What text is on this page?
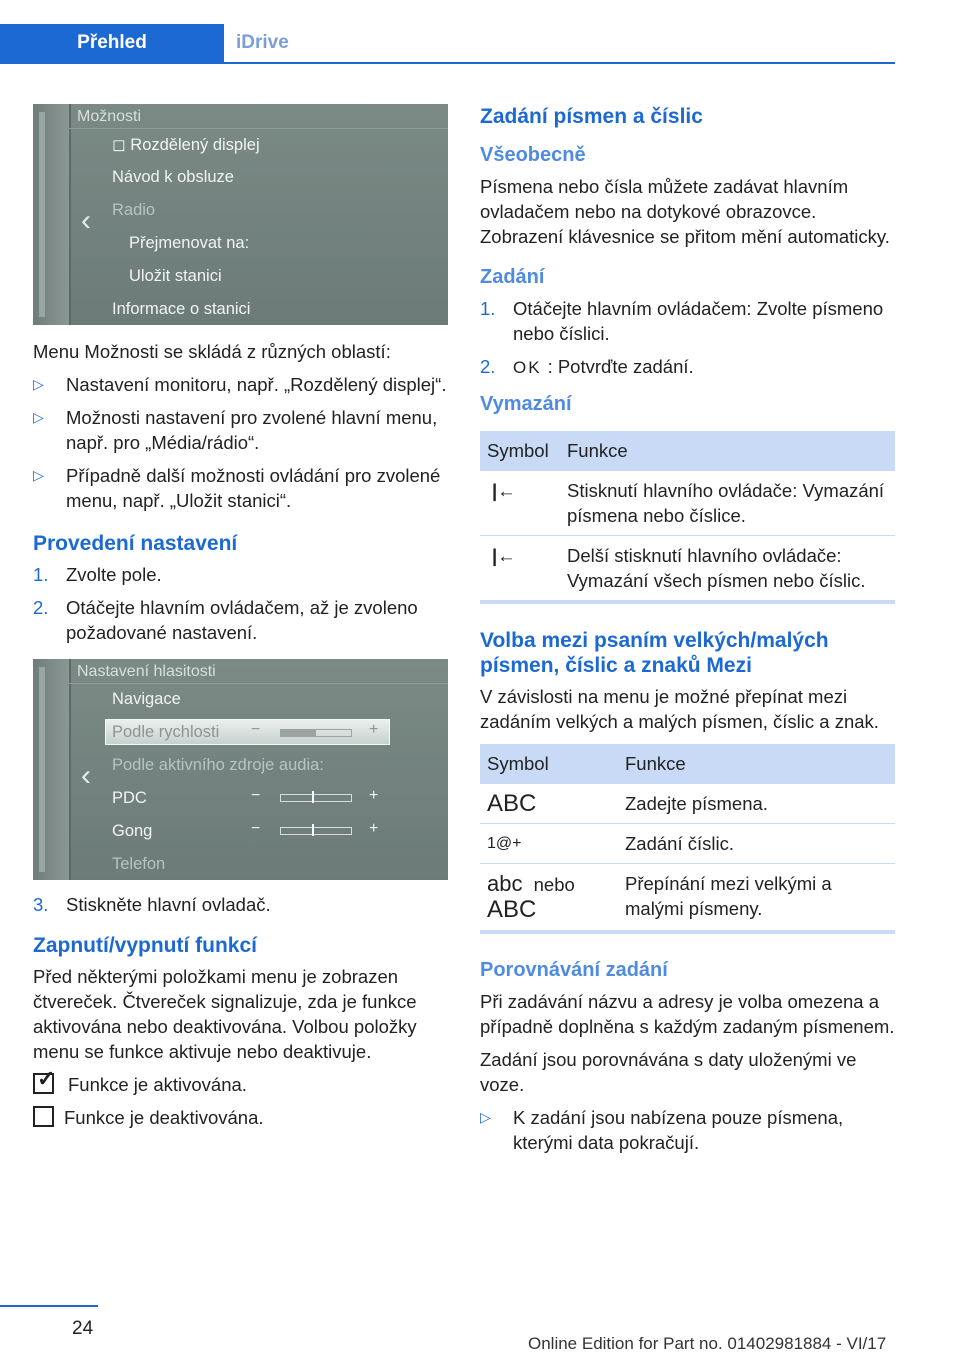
Přehled	iDrive
Možnosti
‹
◻ Rozdělený displej
Návod k obsluze
Radio
Přejmenovat na:
Uložit stanici
Informace o stanici

Menu Možnosti se skládá z různých oblastí:

▷ Nastavení monitoru, např. „Rozdělený displej“.
▷ Možnosti nastavení pro zvolené hlavní menu, např. pro „Média/rádio“.
▷ Případně další možnosti ovládání pro zvolené menu, např. „Uložit stanici“.
Provedení nastavení
1. Zvolte pole.
2. Otáčejte hlavním ovládačem, až je zvoleno požadované nastavení.
Nastavení hlasitosti
‹
Navigace
Podle rychlosti −	+
Podle aktivního zdroje audia:
PDC	−	+
Gong	−	+
Telefon
3. Stiskněte hlavní ovladač.
Zapnutí/vypnutí funkcí

Před některými položkami menu je zobrazen čtvereček. Čtvereček signalizuje, zda je funkce aktivována nebo deaktivována. Volbou položky menu se funkce aktivuje nebo deaktivuje.

✓ Funkce je aktivována.

Funkce je deaktivována.

Zadání písmen a číslic
Všeobecně

Písmena nebo čísla můžete zadávat hlavním ovladačem nebo na dotykové obrazovce. Zobrazení klávesnice se přitom mění automaticky.

Zadání
1. Otáčejte hlavním ovládačem: Zvolte písmeno nebo číslici.
2. OK : Potvrďte zadání.
Vymazání
Symbol	Funkce
|←	Stisknutí hlavního ovládače: Vymazání písmena nebo číslice.
|←	Delší stisknutí hlavního ovládače: Vymazání všech písmen nebo číslic.
Volba mezi psaním velkých/malých písmen, číslic a znaků Mezi

V závislosti na menu je možné přepínat mezi zadáním velkých a malých písmen, číslic a znak.

Symbol	Funkce
ABC	Zadejte písmena.
1@+	Zadání číslic.
abc nebo
ABC	Přepínání mezi velkými a malými písmeny.
Porovnávání zadání

Při zadávání názvu a adresy je volba omezena a případně doplněna s každým zadaným písmenem.

Zadání jsou porovnávána s daty uloženými ve voze.

▷ K zadání jsou nabízena pouze písmena, kterými data pokračují.
24
Online Edition for Part no. 01402981884 - VI/17
